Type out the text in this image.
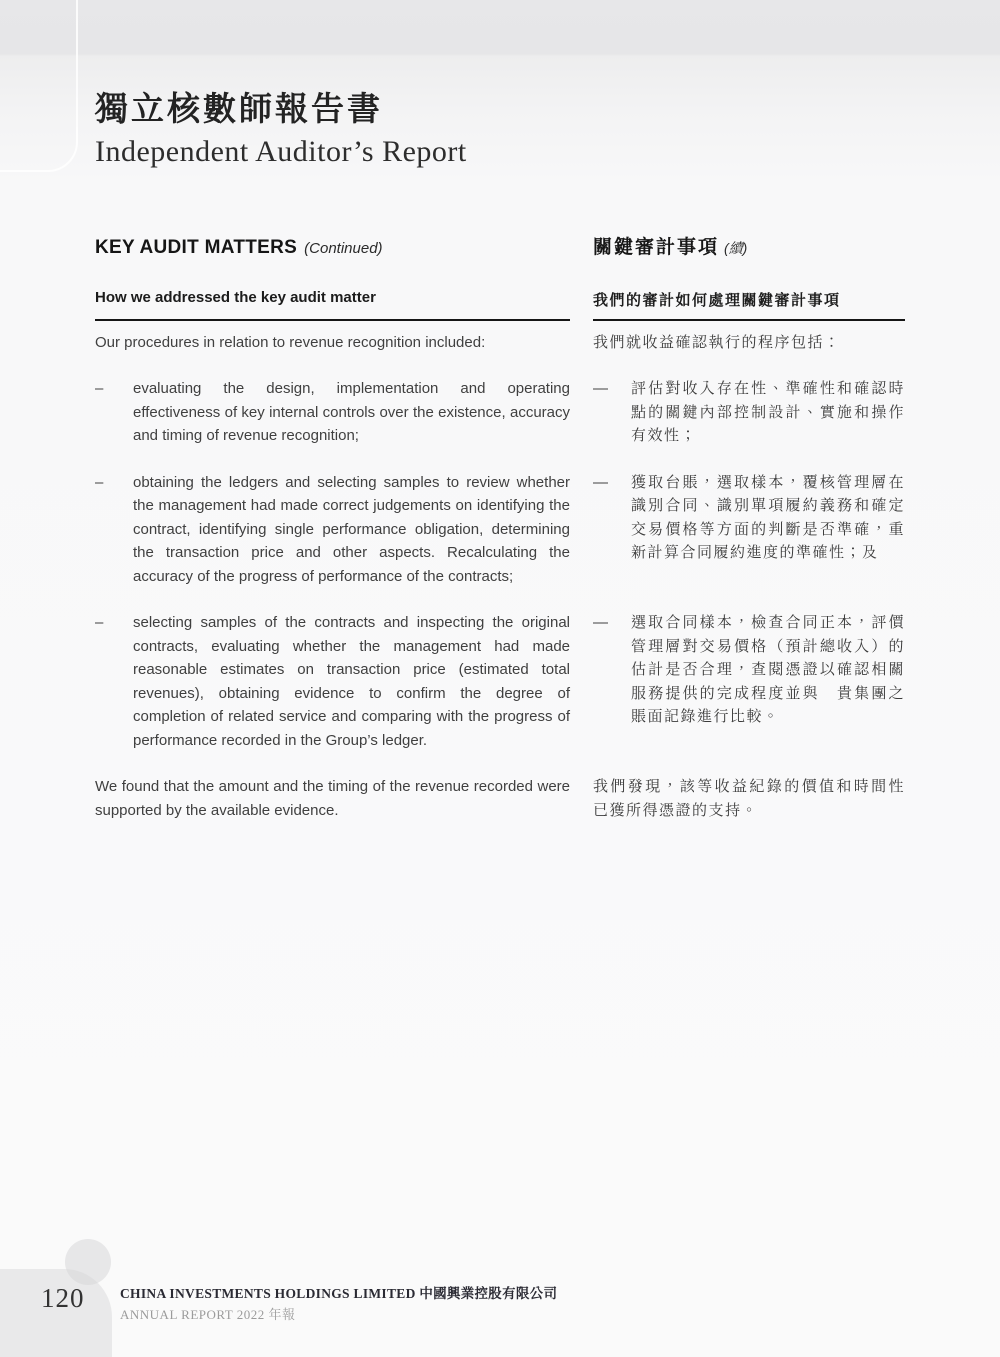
獨立核數師報告書
Independent Auditor’s Report
KEY AUDIT MATTERS (Continued)	關鍵審計事項 (續)
How we addressed the key audit matter	我們的審計如何處理關鍵審計事項
Our procedures in relation to revenue recognition included:	我們就收益確認執行的程序包括：
–	evaluating the design, implementation and operating effectiveness of key internal controls over the existence, accuracy and timing of revenue recognition;
—	評估對收入存在性、準確性和確認時點的關鍵內部控制設計、實施和操作有效性；
–	obtaining the ledgers and selecting samples to review whether the management had made correct judgements on identifying the contract, identifying single performance obligation, determining the transaction price and other aspects. Recalculating the accuracy of the progress of performance of the contracts;
—	獲取台賬，選取樣本，覆核管理層在識別合同、識別單項履約義務和確定交易價格等方面的判斷是否準確，重新計算合同履約進度的準確性；及
–	selecting samples of the contracts and inspecting the original contracts, evaluating whether the management had made reasonable estimates on transaction price (estimated total revenues), obtaining evidence to confirm the degree of completion of related service and comparing with the progress of performance recorded in the Group’s ledger.
—	選取合同樣本，檢查合同正本，評價管理層對交易價格（預計總收入）的估計是否合理，查閱憑證以確認相關服務提供的完成程度並與　貴集團之賬面記錄進行比較。
We found that the amount and the timing of the revenue recorded were supported by the available evidence.
我們發現，該等收益紀錄的價值和時間性已獲所得憑證的支持。
120	CHINA INVESTMENTS HOLDINGS LIMITED 中國興業控股有限公司
ANNUAL REPORT 2022 年報
